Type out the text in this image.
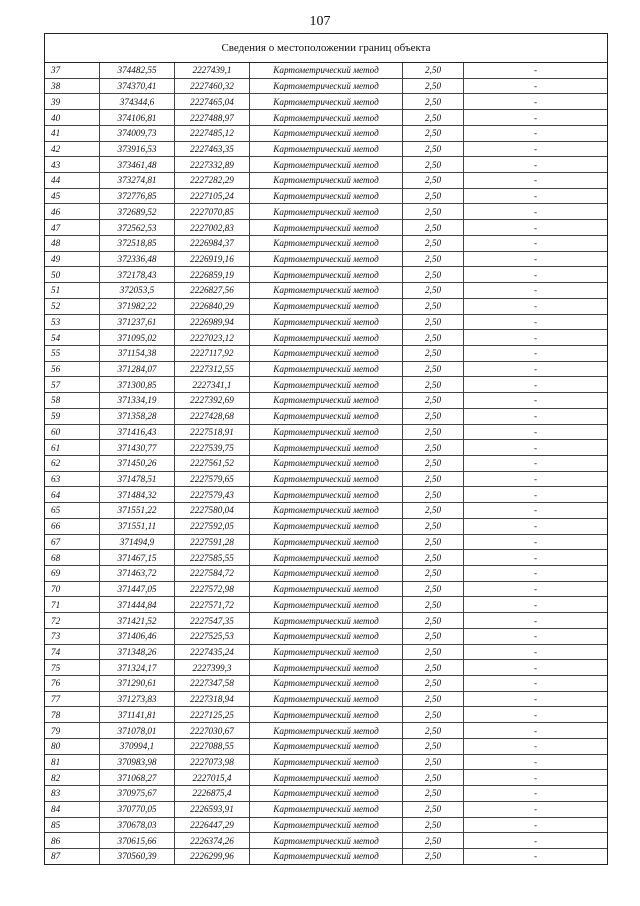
107
Сведения о местоположении границ объекта
37	374482,55	2227439,1	Картометрический метод	2,50	-
38	374370,41	2227460,32	Картометрический метод	2,50	-
39	374344,6	2227465,04	Картометрический метод	2,50	-
40	374106,81	2227488,97	Картометрический метод	2,50	-
41	374009,73	2227485,12	Картометрический метод	2,50	-
42	373916,53	2227463,35	Картометрический метод	2,50	-
43	373461,48	2227332,89	Картометрический метод	2,50	-
44	373274,81	2227282,29	Картометрический метод	2,50	-
45	372776,85	2227105,24	Картометрический метод	2,50	-
46	372689,52	2227070,85	Картометрический метод	2,50	-
47	372562,53	2227002,83	Картометрический метод	2,50	-
48	372518,85	2226984,37	Картометрический метод	2,50	-
49	372336,48	2226919,16	Картометрический метод	2,50	-
50	372178,43	2226859,19	Картометрический метод	2,50	-
51	372053,5	2226827,56	Картометрический метод	2,50	-
52	371982,22	2226840,29	Картометрический метод	2,50	-
53	371237,61	2226989,94	Картометрический метод	2,50	-
54	371095,02	2227023,12	Картометрический метод	2,50	-
55	371154,38	2227117,92	Картометрический метод	2,50	-
56	371284,07	2227312,55	Картометрический метод	2,50	-
57	371300,85	2227341,1	Картометрический метод	2,50	-
58	371334,19	2227392,69	Картометрический метод	2,50	-
59	371358,28	2227428,68	Картометрический метод	2,50	-
60	371416,43	2227518,91	Картометрический метод	2,50	-
61	371430,77	2227539,75	Картометрический метод	2,50	-
62	371450,26	2227561,52	Картометрический метод	2,50	-
63	371478,51	2227579,65	Картометрический метод	2,50	-
64	371484,32	2227579,43	Картометрический метод	2,50	-
65	371551,22	2227580,04	Картометрический метод	2,50	-
66	371551,11	2227592,05	Картометрический метод	2,50	-
67	371494,9	2227591,28	Картометрический метод	2,50	-
68	371467,15	2227585,55	Картометрический метод	2,50	-
69	371463,72	2227584,72	Картометрический метод	2,50	-
70	371447,05	2227572,98	Картометрический метод	2,50	-
71	371444,84	2227571,72	Картометрический метод	2,50	-
72	371421,52	2227547,35	Картометрический метод	2,50	-
73	371406,46	2227525,53	Картометрический метод	2,50	-
74	371348,26	2227435,24	Картометрический метод	2,50	-
75	371324,17	2227399,3	Картометрический метод	2,50	-
76	371290,61	2227347,58	Картометрический метод	2,50	-
77	371273,83	2227318,94	Картометрический метод	2,50	-
78	371141,81	2227125,25	Картометрический метод	2,50	-
79	371078,01	2227030,67	Картометрический метод	2,50	-
80	370994,1	2227088,55	Картометрический метод	2,50	-
81	370983,98	2227073,98	Картометрический метод	2,50	-
82	371068,27	2227015,4	Картометрический метод	2,50	-
83	370975,67	2226875,4	Картометрический метод	2,50	-
84	370770,05	2226593,91	Картометрический метод	2,50	-
85	370678,03	2226447,29	Картометрический метод	2,50	-
86	370615,66	2226374,26	Картометрический метод	2,50	-
87	370560,39	2226299,96	Картометрический метод	2,50	-
